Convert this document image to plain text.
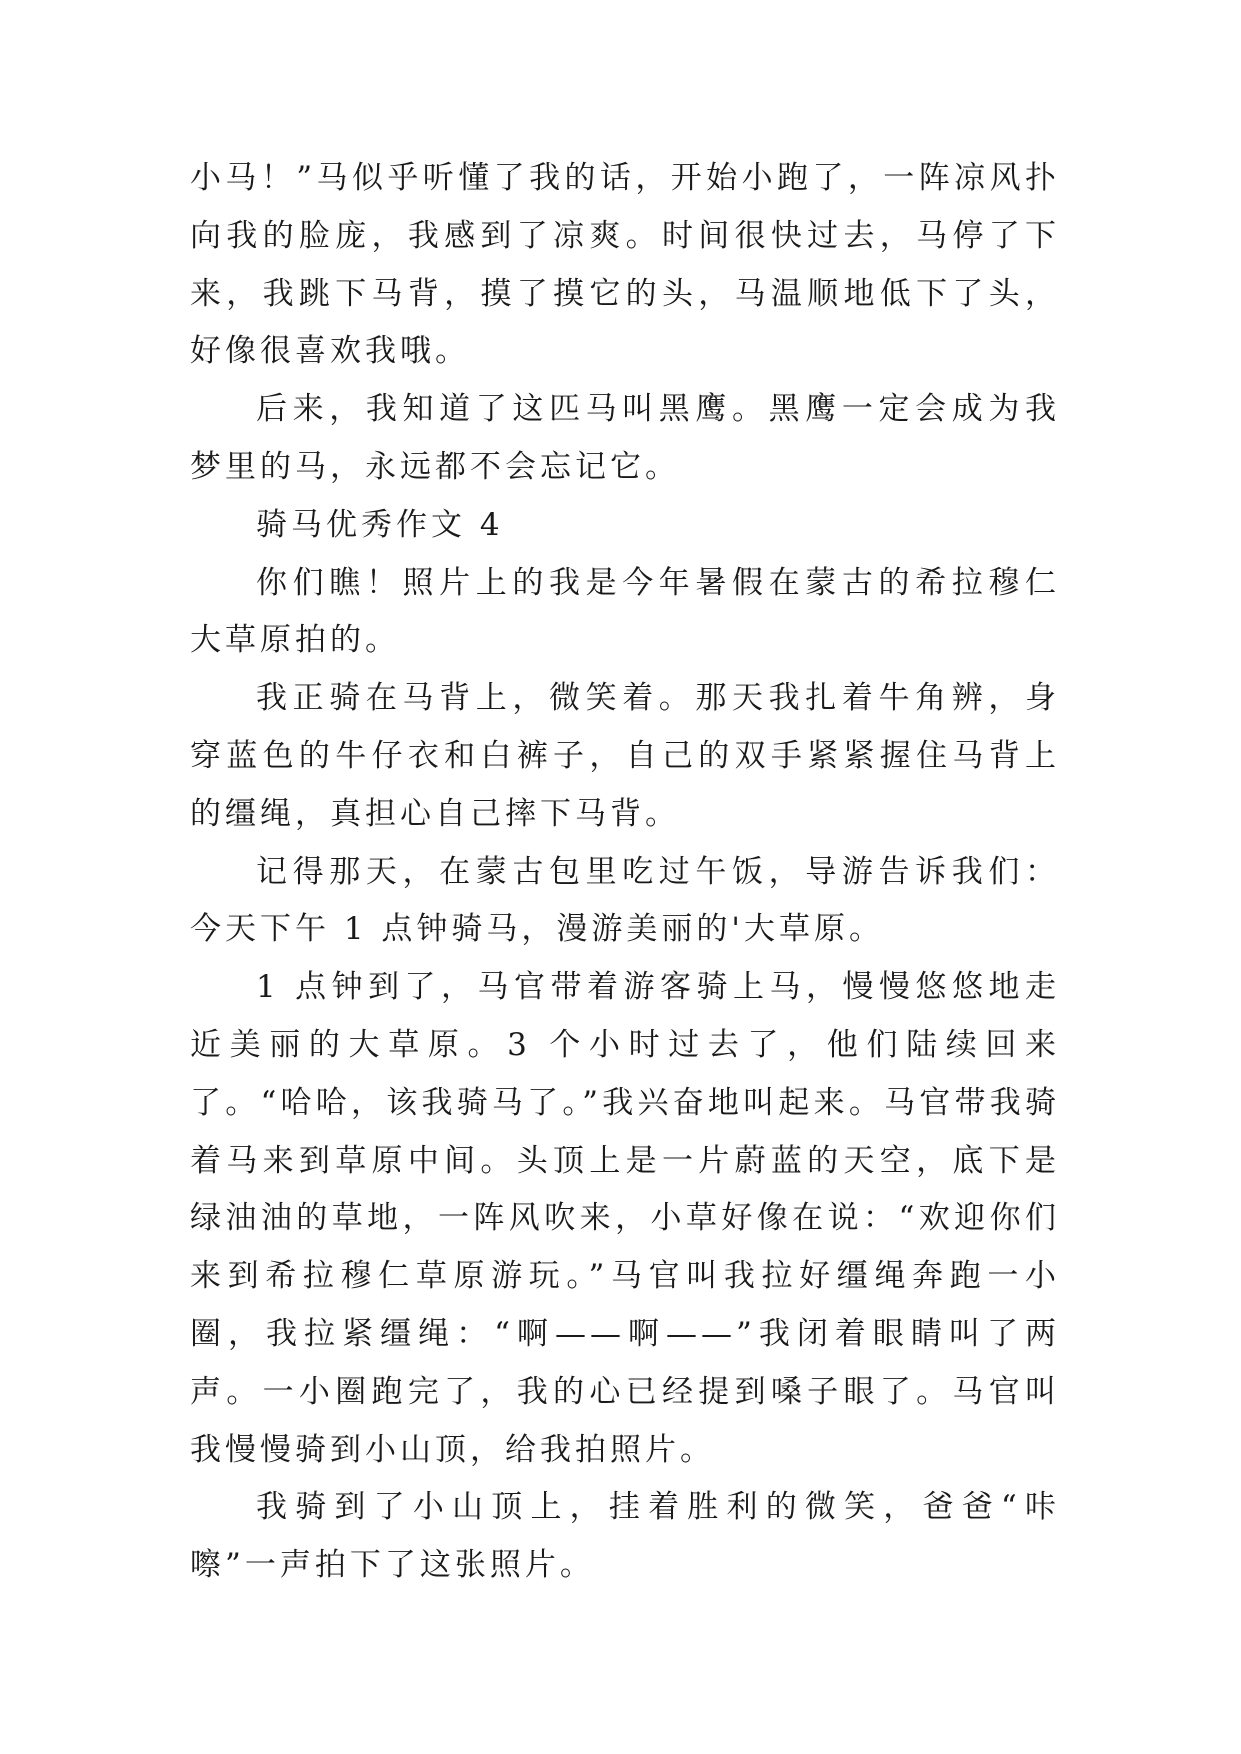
小马！”马似乎听懂了我的话，开始小跑了，一阵凉风扑向我的脸庞，我感到了凉爽。时间很快过去，马停了下来，我跳下马背，摸了摸它的头，马温顺地低下了头，好像很喜欢我哦。

后来，我知道了这匹马叫黑鹰。黑鹰一定会成为我梦里的马，永远都不会忘记它。

骑马优秀作文 4

你们瞧！照片上的我是今年暑假在蒙古的希拉穆仁大草原拍的。

我正骑在马背上，微笑着。那天我扎着牛角辨，身穿蓝色的牛仔衣和白裤子，自己的双手紧紧握住马背上的缰绳，真担心自己摔下马背。

记得那天，在蒙古包里吃过午饭，导游告诉我们：今天下午 1 点钟骑马，漫游美丽的'大草原。

1 点钟到了，马官带着游客骑上马，慢慢悠悠地走近美丽的大草原。3 个小时过去了，他们陆续回来了。“哈哈，该我骑马了。”我兴奋地叫起来。马官带我骑着马来到草原中间。头顶上是一片蔚蓝的天空，底下是绿油油的草地，一阵风吹来，小草好像在说：“欢迎你们来到希拉穆仁草原游玩。”马官叫我拉好缰绳奔跑一小圈，我拉紧缰绳：“啊——啊——”我闭着眼睛叫了两声。一小圈跑完了，我的心已经提到嗓子眼了。马官叫我慢慢骑到小山顶，给我拍照片。

我骑到了小山顶上，挂着胜利的微笑，爸爸“咔嚓”一声拍下了这张照片。
